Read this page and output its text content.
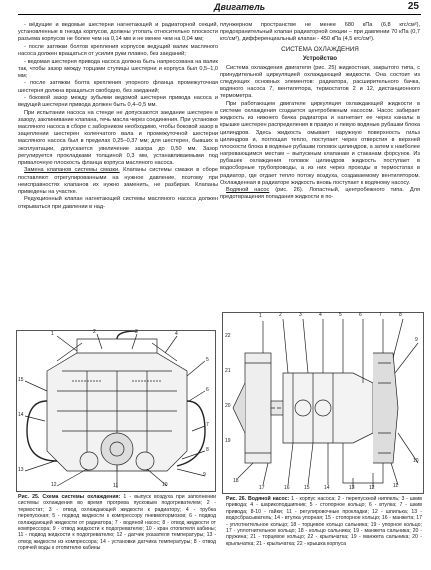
Двигатель	25

- вёдущие и ведомые шестерни нагнетающей и радиаторной секций, установленные в гнезда корпусов, должны утопать относительно плоскости разъема корпусов не более чем на 0,14 мм и не менее чем на 0,04 мм;

- после затяжки болтов крепления корпусов ведущий валик масляного насоса должен вращаться от усилия руки плавно, без заеданий;

- ведомая шестерня привода насоса должна быть напрессована на валик так, чтобы зазор между торцами ступицы шестерни и корпуса был 0,5–1,0 мм;

- после затяжки болта крепления упорного фланца промежуточная шестерня должна вращаться свободно, без заеданий;

- боковой зазор между зубьями ведомой шестерни привода насоса и ведущей шестерни привода должен быть 0,4–0,5 мм.

При испытании насоса на стенде не допускаются заедание шестерен в зазору, заклинивание клапана, течь масла через соединения. При установке масляного насоса в сборе с заборником необходимо, чтобы боковой зазор в зацеплении шестерен коленчатого вала и промежуточной шестерни масляного насоса был в пределах 0,25–0,37 мм; для шестерен, бывших в эксплуатации, допускается увеличение зазора до 0,50 мм. Зазор регулируется прокладками толщиной 0,3 мм, устанавливаемыми под привалочную плоскость фланца корпуса масляного насоса.

Замена клапанов системы смазки. Клапаны системы смазки в сборе поставляют отрегулированными на нужное давление, поэтому при неисправностях клапанов их нужно заменить, не разбирая. Клапаны приведены на участке.

Редукционный клапан нагнетающей системы масляного насоса должен открываться при давлении в над-

плунжерном пространстве не менее 680 кПа (6,8 кгс/см²), предохранительный клапан радиаторной секции – при давлении 70 кПа (0,7 кгс/см²), дифференциальный клапан - 450 кПа (4,5 кгс/см²).

СИСТЕМА ОХЛАЖДЕНИЯ
Устройство

Система охлаждения двигателя (рис. 25) жидкостная, закрытого типа, с принудительной циркуляцией охлаждающей жидкости. Она состоит из следующих основных элементов: радиатора, расширительного бачка, водяного насоса 7, вентилятора, термостатов 2 и 12, дистанционного термометра.

При работающем двигателе циркуляция охлаждающей жидкости в системе охлаждения создается центробежным насосом. Насос забирает жидкость из нижнего бачка радиатора и нагнетает ее через каналы в крышке шестерен распределения в правую и левую водяные рубашки блока цилиндров. Здесь жидкость омывает наружную поверхность гильз цилиндров и, поглощая тепло, поступает через отверстия в верхней плоскости блока в водяные рубашки головок цилиндров, а затем к наиболее нагревающимся местам – выпускным клапанам и стаканам форсунок. Из рубашек охлаждения головок цилиндров жидкость поступает в водосборные трубопроводы, а из них через проходы в термостатах в радиатор, где отдает тепло потоку воздуха, создаваемому вентилятором. Охлажденная в радиаторе жидкость вновь поступает к водяному насосу.

Водяной насос (рис. 26). Лопастный, центробежного типа. Для предотвращения попадания жидкости в по-

1	2	3	4
5
6
7
8
9
10
11
12
13
14
15
Рис. 25. Схема системы охлаждения: 1 - выпуск воздуха при заполнении системы охлаждения во время прогрева пусковым подогревателем; 2 - термостат; 3 - отвод охлаждающей жидкости к радиатору; 4 - трубка перепускная; 5 - подвод жидкости к компрессору пневмотормозов; 6 - подвод охлаждающей жидкости от радиатора; 7 - водяной насос; 8 - отвод жидкости от компрессора; 9 - отвод жидкости к подогревателю; 10 - кран отопителя кабины; 11 - подвод жидкости к подогревателю; 12 - датчик указателя температуры; 13 - отвод жидкости из компрессора; 14 - установки датчика температуры; 8 - отвод горячей воды к отопителю кабины
1	2	3	4	5	6	7	8
9
10
11
12
13
14
15
16
17
18
19
20
21
22
Рис. 26. Водяной насос: 1 - корпус насоса; 2 - перепускной ниппель; 3 - шкив привода; 4 - шарикоподшипник; 5 - стопорное кольцо; 6 - втулка; 7 - шкив привода; 8-10 - гайки; 11 - регулировочные прокладки; 12 - шпилька; 13 - водосбрасыватель; 14 - втулка упорная; 15 - стопорное кольцо; 16 - манжета; 17 - уплотнительное кольцо; 18 - торцевое кольцо сальника; 19 - упорное кольцо; 17 - уплотнительное кольцо; 18 - кольцо сальника; 19 - манжета сальника; 20 - пружина; 21 - торцевое кольцо; 22 - крыльчатка; 19 - манжета сальника; 20 - крыльчатка; 21 - крыльчатка; 22 - крышка корпуса
